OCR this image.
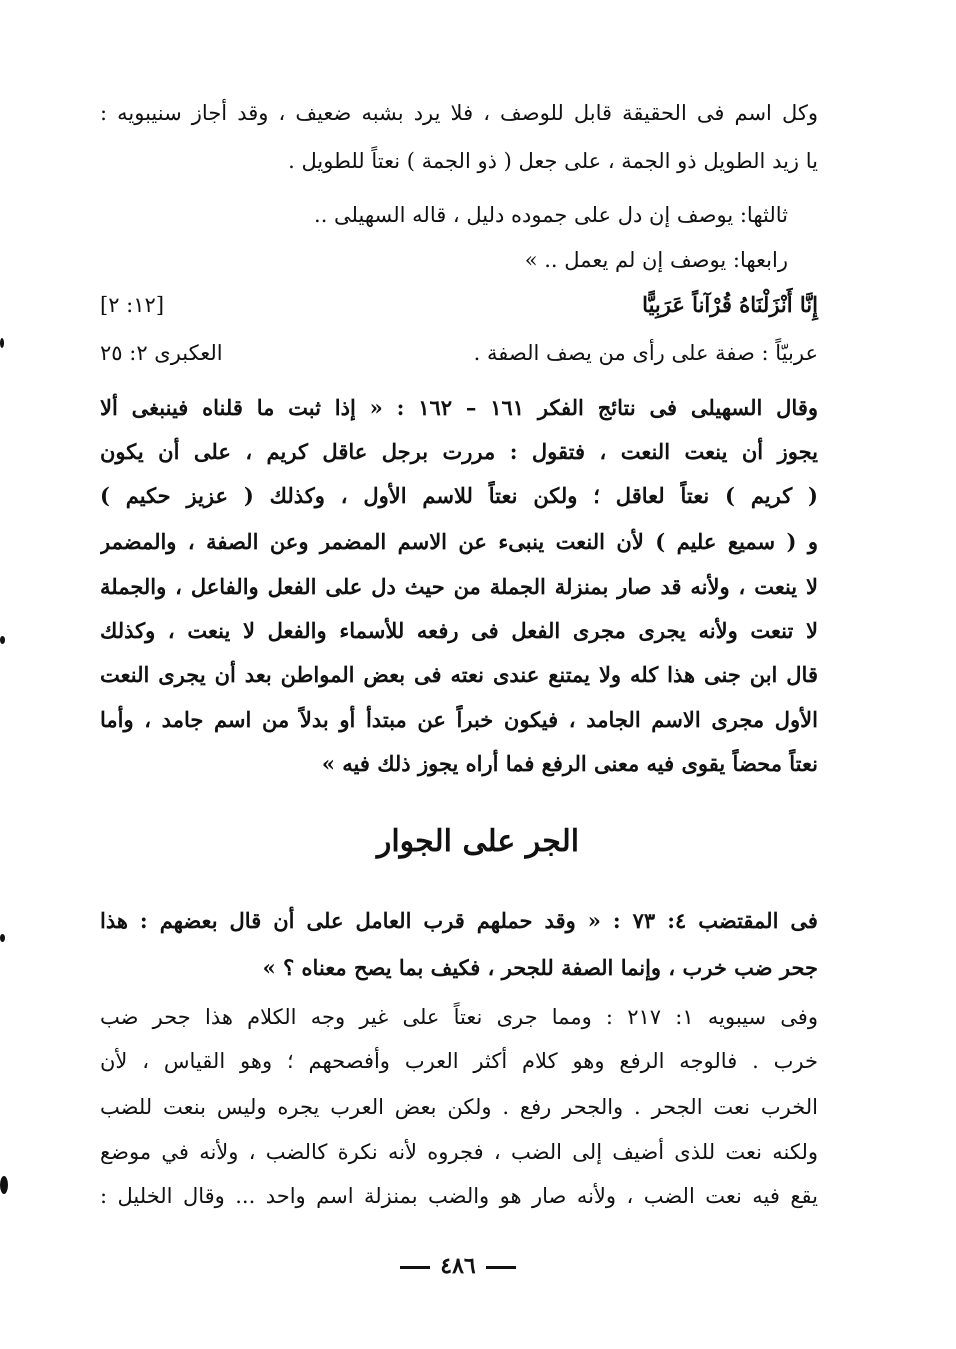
وكل اسم فى الحقيقة قابل للوصف ، فلا يرد بشبه ضعيف ، وقد أجاز سنيبويه :
يا زيد الطويل ذو الجمة ، على جعل ( ذو الجمة ) نعتاً للطويل .
ثالثها: يوصف إن دل على جموده دليل ، قاله السهيلى ..
رابعها: يوصف إن لم يعمل .. »
إِنَّا أَنْزَلْنَاهُ قُرْآناً عَرَبِيًّا
[١٢: ٢]
عربيّاً : صفة على رأى من يصف الصفة .
العكبرى ٢: ٢٥
وقال السهيلى فى نتائج الفكر ١٦١ – ١٦٢ : « إذا ثبت ما قلناه فينبغى ألا
يجوز أن ينعت النعت ، فتقول : مررت برجل عاقل كريم ، على أن يكون
( كريم ) نعتاً لعاقل ؛ ولكن نعتاً للاسم الأول ، وكذلك ( عزيز حكيم )
و ( سميع عليم ) لأن النعت ينبىء عن الاسم المضمر وعن الصفة ، والمضمر
لا ينعت ، ولأنه قد صار بمنزلة الجملة من حيث دل على الفعل والفاعل ، والجملة
لا تنعت ولأنه يجرى مجرى الفعل فى رفعه للأسماء والفعل لا ينعت ، وكذلك
قال ابن جنى هذا كله ولا يمتنع عندى نعته فى بعض المواطن بعد أن يجرى النعت
الأول مجرى الاسم الجامد ، فيكون خبراً عن مبتدأ أو بدلاً من اسم جامد ، وأما
نعتاً محضاً يقوى فيه معنى الرفع فما أراه يجوز ذلك فيه »
الجر على الجوار
فى المقتضب ٤: ٧٣ : « وقد حملهم قرب العامل على أن قال بعضهم : هذا
جحر ضب خرب ، وإنما الصفة للجحر ، فكيف بما يصح معناه ؟ »
وفى سيبويه ١: ٢١٧ : ومما جرى نعتاً على غير وجه الكلام هذا جحر ضب
خرب . فالوجه الرفع وهو كلام أكثر العرب وأفصحهم ؛ وهو القياس ، لأن
الخرب نعت الجحر . والجحر رفع . ولكن بعض العرب يجره وليس بنعت للضب
ولكنه نعت للذى أضيف إلى الضب ، فجروه لأنه نكرة كالضب ، ولأنه في موضع
يقع فيه نعت الضب ، ولأنه صار هو والضب بمنزلة اسم واحد ... وقال الخليل :
٤٨٦
